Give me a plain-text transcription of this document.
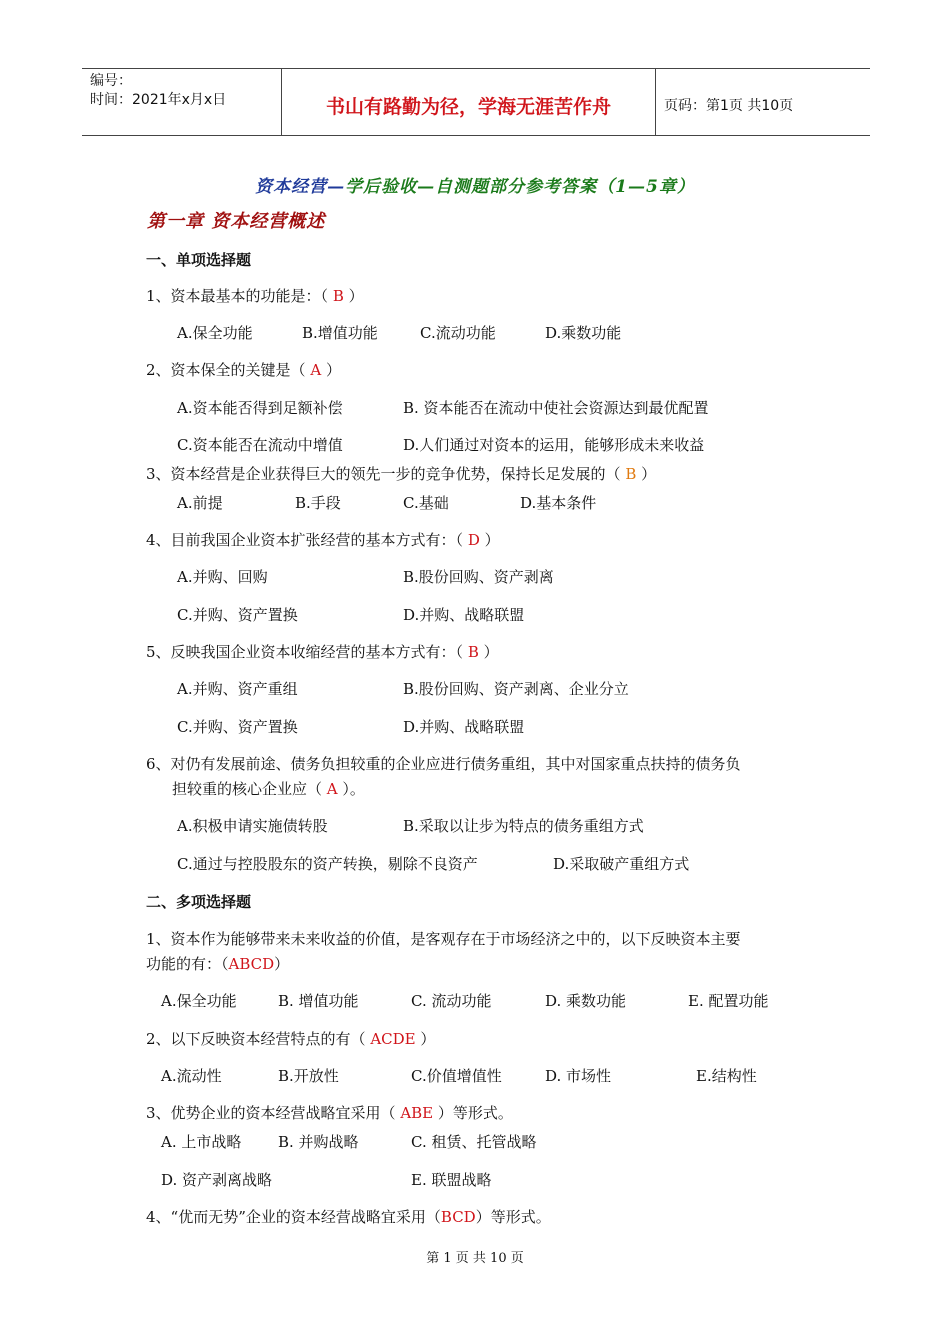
编号：
时间：2021年x月x日	书山有路勤为径，学海无涯苦作舟	页码：第1页 共10页
资本经营—学后验收—自测题部分参考答案（1—5章）
第一章 资本经营概述
一、单项选择题
1、资本最基本的功能是：（ B ）
A.保全功能	B.增值功能	C.流动功能	D.乘数功能
2、资本保全的关键是（ A ）
A.资本能否得到足额补偿	B. 资本能否在流动中使社会资源达到最优配置
C.资本能否在流动中增值	D.人们通过对资本的运用，能够形成未来收益
3、资本经营是企业获得巨大的领先一步的竞争优势，保持长足发展的（ B ）
A.前提	B.手段	C.基础	D.基本条件
4、目前我国企业资本扩张经营的基本方式有：（ D ）
A.并购、回购	B.股份回购、资产剥离
C.并购、资产置换	D.并购、战略联盟
5、反映我国企业资本收缩经营的基本方式有：（ B ）
A.并购、资产重组	B.股份回购、资产剥离、企业分立
C.并购、资产置换	D.并购、战略联盟
6、对仍有发展前途、债务负担较重的企业应进行债务重组，其中对国家重点扶持的债务负
担较重的核心企业应（ A ）。
A.积极申请实施债转股	B.采取以让步为特点的债务重组方式
C.通过与控股股东的资产转换，剔除不良资产	D.采取破产重组方式
二、多项选择题
1、资本作为能够带来未来收益的价值，是客观存在于市场经济之中的，以下反映资本主要
功能的有：（ABCD）
A.保全功能	B. 增值功能	C. 流动功能	D. 乘数功能	E. 配置功能
2、以下反映资本经营特点的有（ ACDE ）
A.流动性	B.开放性	C.价值增值性	D. 市场性	E.结构性
3、优势企业的资本经营战略宜采用（ ABE ）等形式。
A. 上市战略 B. 并购战略	C. 租赁、托管战略
D. 资产剥离战略	E. 联盟战略
4、“优而无势”企业的资本经营战略宜采用（BCD）等形式。
第 1 页 共 10 页
